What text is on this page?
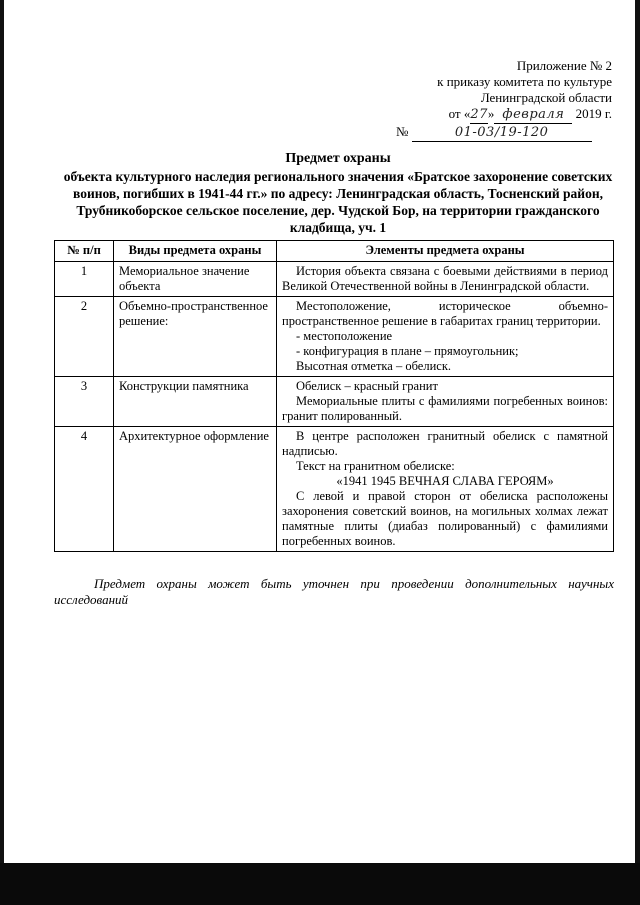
Приложение № 2
к приказу комитета по культуре
Ленинградской области
от «27» февраля 2019 г.
№	01-03/19-120
Предмет охраны
объекта культурного наследия регионального значения «Братское захоронение советских воинов, погибших в 1941-44 гг.» по адресу: Ленинградская область, Тосненский район, Трубникоборское сельское поселение, дер. Чудской Бор, на территории гражданского кладбища, уч. 1
№ п/п	Виды предмета охраны	Элементы предмета охраны
1	Мемориальное значение объекта	История объекта связана с боевыми действиями в период Великой Отечественной войны в Ленинградской области.

2	Объемно-пространственное решение:	Местоположение, историческое объемно-пространственное решение в габаритах границ территории.
- местоположение
- конфигурация в плане – прямоугольник;
Высотная отметка – обелиск.

3	Конструкции памятника	Обелиск – красный гранит
Мемориальные плиты с фамилиями погребенных воинов: гранит полированный.

4	Архитектурное оформление	В центре расположен гранитный обелиск с памятной надписью.
Текст на гранитном обелиске:
«1941 1945 ВЕЧНАЯ СЛАВА ГЕРОЯМ»
С левой и правой сторон от обелиска расположены захоронения советский воинов, на могильных холмах лежат памятные плиты (диабаз полированный) с фамилиями погребенных воинов.
Предмет охраны может быть уточнен при проведении дополнительных научных исследований
